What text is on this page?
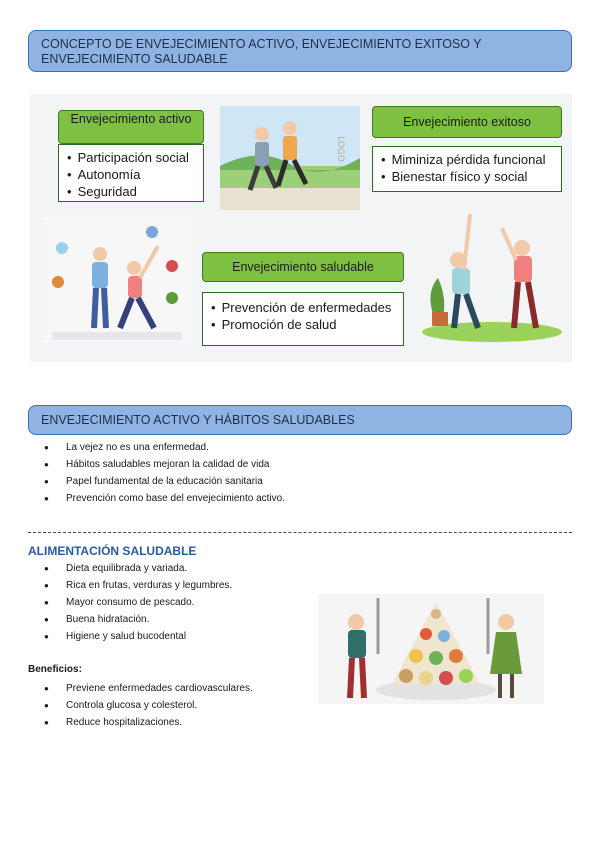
CONCEPTO DE ENVEJECIMIENTO ACTIVO, ENVEJECIMIENTO EXITOSO Y ENVEJECIMIENTO SALUDABLE
LOGO
Envejecimiento activo
• Participación social
• Autonomía
• Seguridad
Envejecimiento exitoso
• Miminiza pérdida funcional
• Bienestar físico y social
Envejecimiento saludable
• Prevención de enfermedades
• Promoción de salud
ENVEJECIMIENTO ACTIVO Y HÁBITOS SALUDABLES
● La vejez no es una enfermedad.
● Hábitos saludables mejoran la calidad de vida
● Papel fundamental de la educación sanitaria
● Prevención como base del envejecimiento activo.
ALIMENTACIÓN SALUDABLE
● Dieta equilibrada y variada.
● Rica en frutas, verduras y legumbres.
● Mayor consumo de pescado.
● Buena hidratación.
● Higiene y salud bucodental
Beneficios:
● Previene enfermedades cardiovasculares.
● Controla glucosa y colesterol.
● Reduce hospitalizaciones.
